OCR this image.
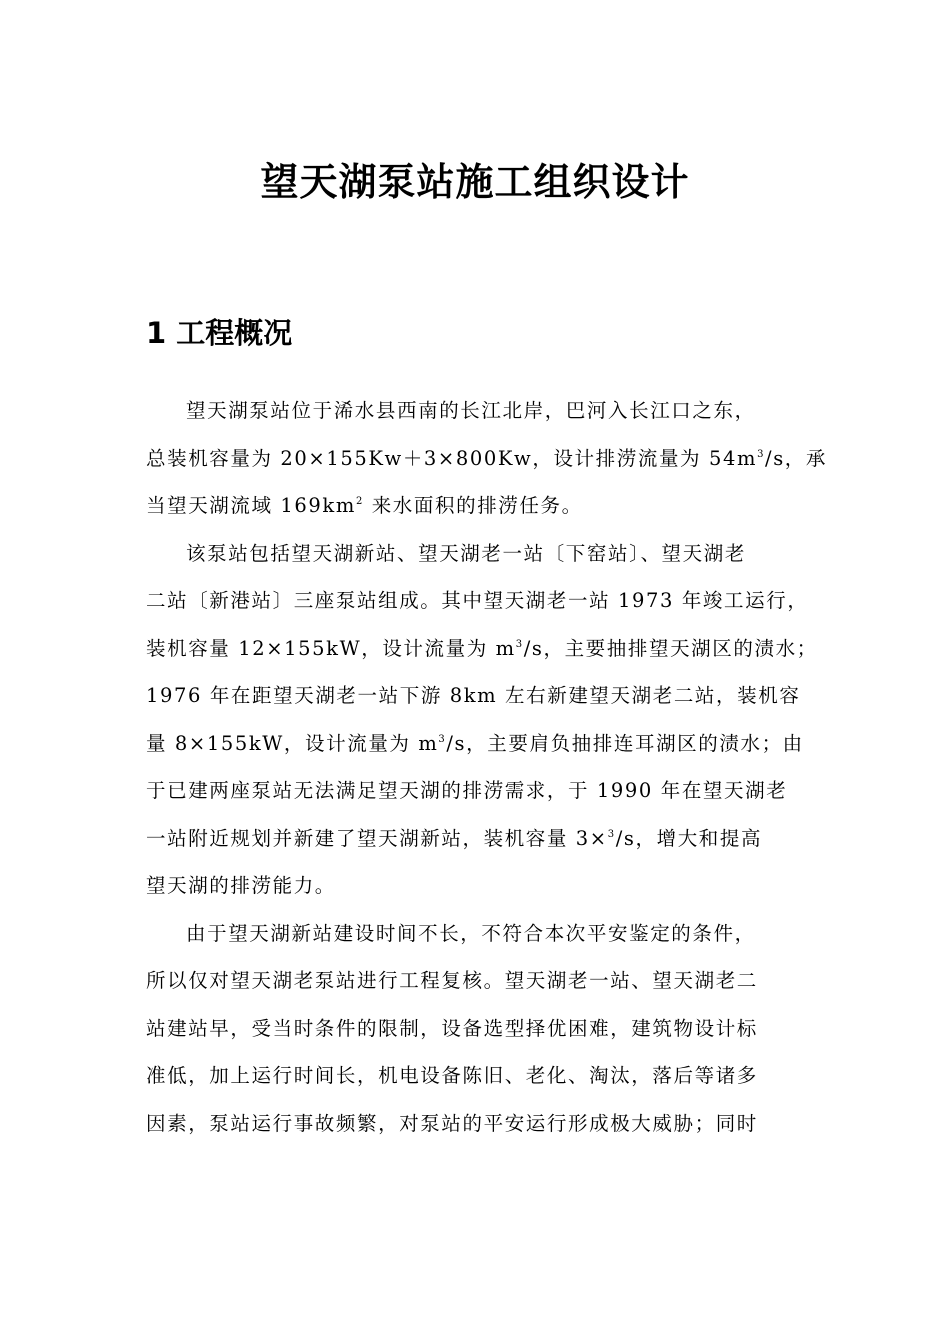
望天湖泵站施工组织设计
1 工程概况
望天湖泵站位于浠水县西南的长江北岸，巴河入长江口之东，
总装机容量为 20×155Kw＋3×800Kw，设计排涝流量为 $54m^3/s$，承
当望天湖流域 $169km^2$ 来水面积的排涝任务。
该泵站包括望天湖新站、望天湖老一站〔下窑站〕、望天湖老
二站〔新港站〕三座泵站组成。其中望天湖老一站 1973 年竣工运行，
装机容量 12×155kW，设计流量为 $m^3/s$，主要抽排望天湖区的渍水；
1976 年在距望天湖老一站下游 8km 左右新建望天湖老二站，装机容
量 8×155kW，设计流量为 $m^3/s$，主要肩负抽排连耳湖区的渍水；由
于已建两座泵站无法满足望天湖的排涝需求，于 1990 年在望天湖老
一站附近规划并新建了望天湖新站，装机容量 3×$^3$/s，增大和提高
望天湖的排涝能力。
由于望天湖新站建设时间不长，不符合本次平安鉴定的条件，
所以仅对望天湖老泵站进行工程复核。望天湖老一站、望天湖老二
站建站早，受当时条件的限制，设备选型择优困难，建筑物设计标
准低，加上运行时间长，机电设备陈旧、老化、淘汰，落后等诸多
因素，泵站运行事故频繁，对泵站的平安运行形成极大威胁；同时
